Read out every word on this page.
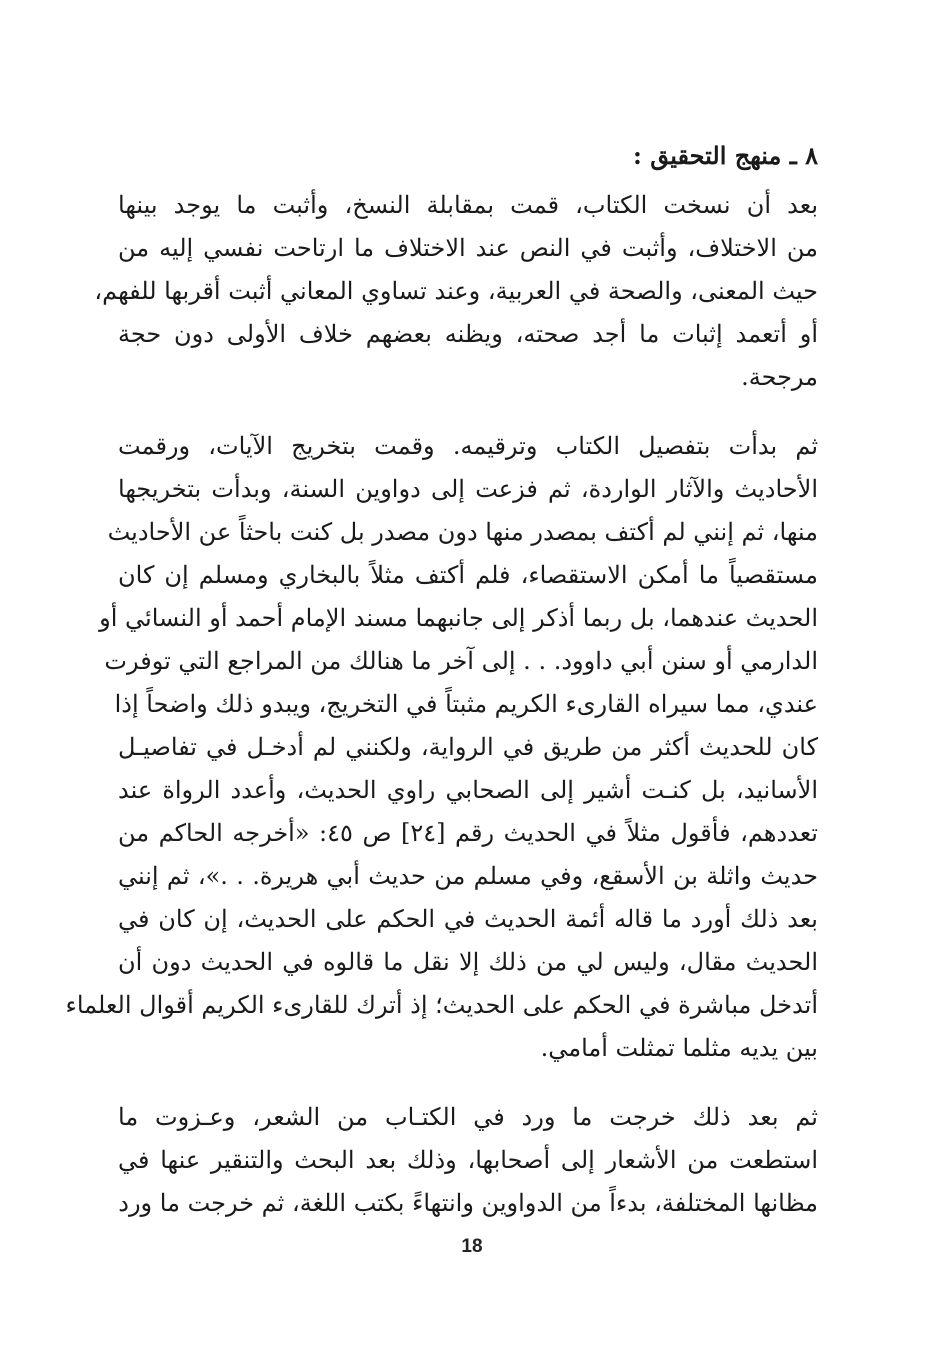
٨ ـ منهج التحقيق :

بعد أن نسخت الكتاب، قمت بمقابلة النسخ، وأثبت ما يوجد بينها
من الاختلاف، وأثبت في النص عند الاختلاف ما ارتاحت نفسي إليه من
حيث المعنى، والصحة في العربية، وعند تساوي المعاني أثبت أقربها للفهم،
أو أتعمد إثبات ما أجد صحته، ويظنه بعضهم خلاف الأولى دون حجة
مرجحة.

ثم بدأت بتفصيل الكتاب وترقيمه. وقمت بتخريج الآيات، ورقمت
الأحاديث والآثار الواردة، ثم فزعت إلى دواوين السنة، وبدأت بتخريجها
منها، ثم إنني لم أكتف بمصدر منها دون مصدر بل كنت باحثاً عن الأحاديث
مستقصياً ما أمكن الاستقصاء، فلم أكتف مثلاً بالبخاري ومسلم إن كان
الحديث عندهما، بل ربما أذكر إلى جانبهما مسند الإمام أحمد أو النسائي أو
الدارمي أو سنن أبي داوود. . . إلى آخر ما هنالك من المراجع التي توفرت
عندي، مما سيراه القارىء الكريم مثبتاً في التخريج، ويبدو ذلك واضحاً إذا
كان للحديث أكثر من طريق في الرواية، ولكنني لم أدخـل في تفاصيـل
الأسانيد، بل كنـت أشير إلى الصحابي راوي الحديث، وأعدد الرواة عند
تعددهم، فأقول مثلاً في الحديث رقم [٢٤] ص ٤٥: «أخرجه الحاكم من
حديث واثلة بن الأسقع، وفي مسلم من حديث أبي هريرة. . .»، ثم إنني
بعد ذلك أورد ما قاله أئمة الحديث في الحكم على الحديث، إن كان في
الحديث مقال، وليس لي من ذلك إلا نقل ما قالوه في الحديث دون أن
أتدخل مباشرة في الحكم على الحديث؛ إذ أترك للقارىء الكريم أقوال العلماء
بين يديه مثلما تمثلت أمامي.

ثم بعد ذلك خرجت ما ورد في الكتـاب من الشعر، وعـزوت ما
استطعت من الأشعار إلى أصحابها، وذلك بعد البحث والتنقير عنها في
مظانها المختلفة، بدءاً من الدواوين وانتهاءً بكتب اللغة، ثم خرجت ما ورد

18
